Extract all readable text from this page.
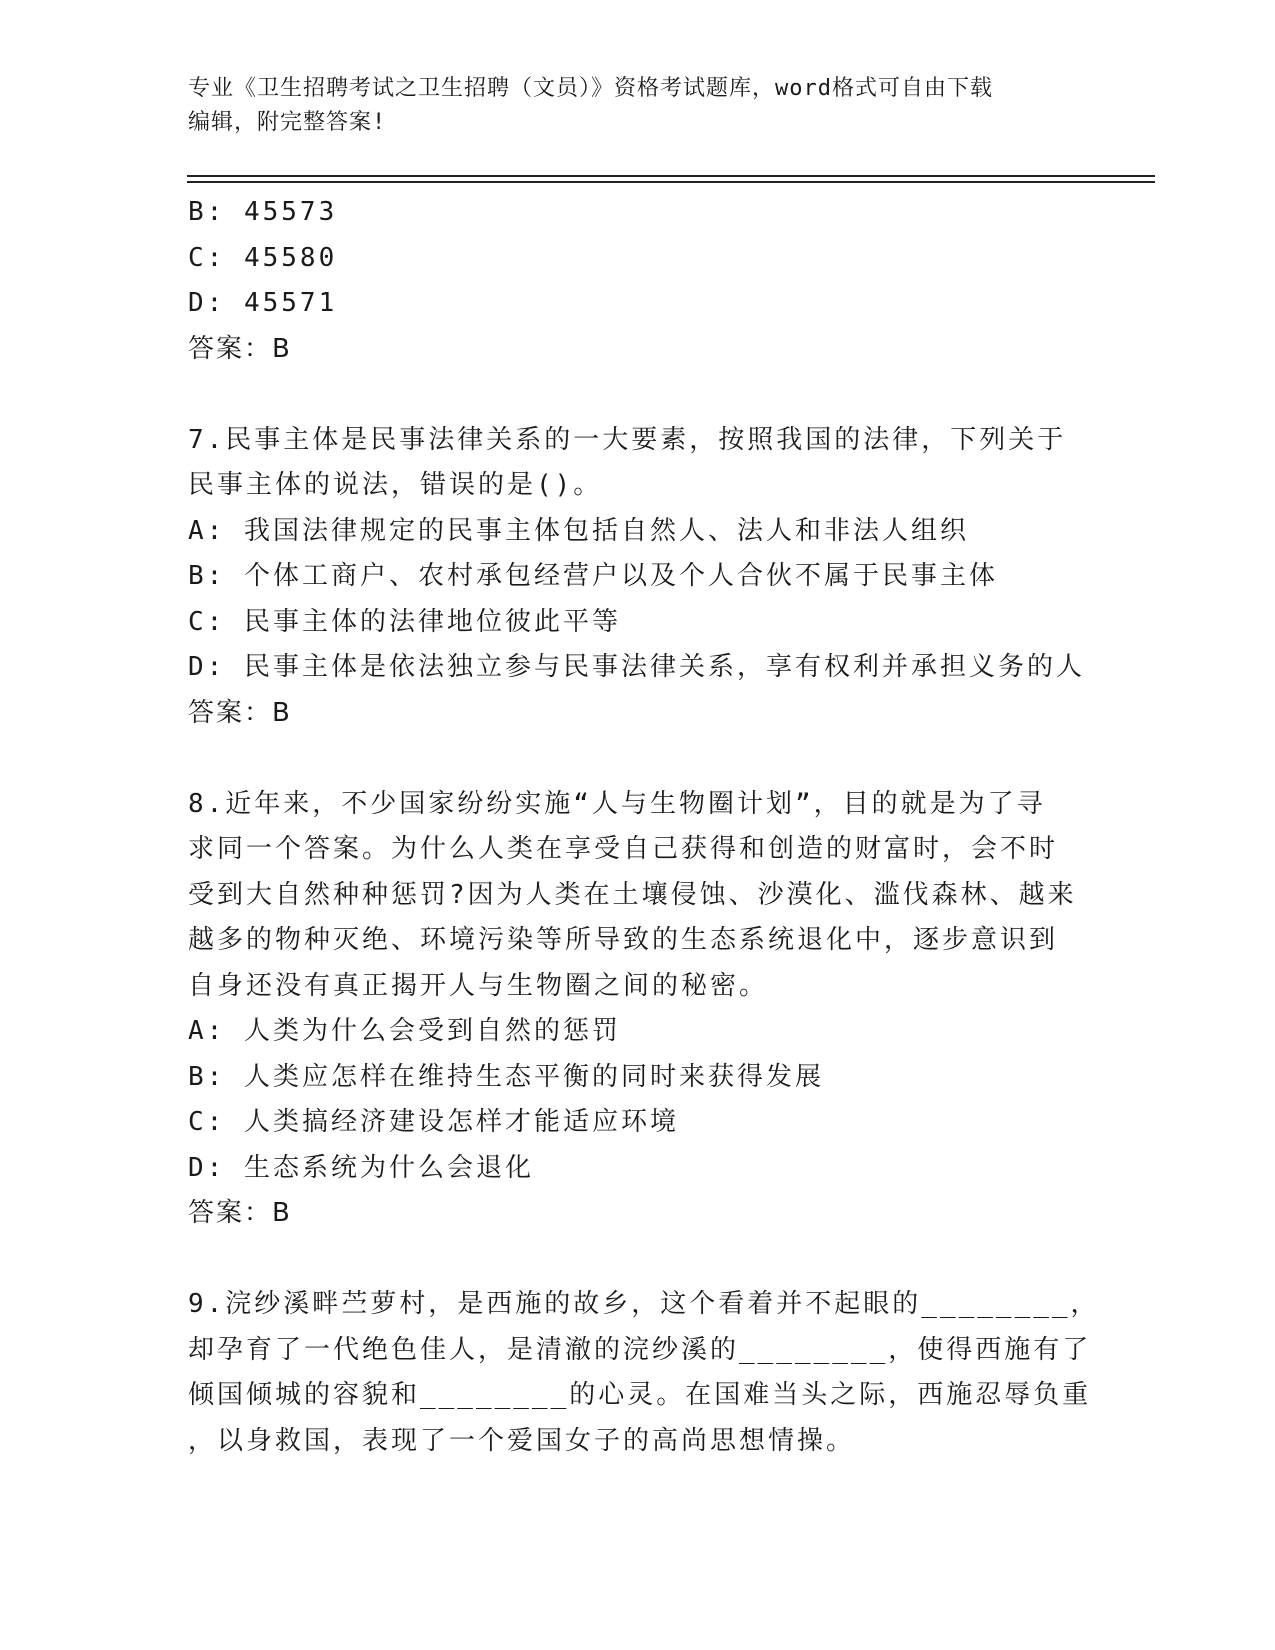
专业《卫生招聘考试之卫生招聘（文员）》资格考试题库，word格式可自由下载
编辑，附完整答案!
B: 45573
C: 45580
D: 45571
答案：B
7.民事主体是民事法律关系的一大要素，按照我国的法律，下列关于
民事主体的说法，错误的是()。
A: 我国法律规定的民事主体包括自然人、法人和非法人组织
B: 个体工商户、农村承包经营户以及个人合伙不属于民事主体
C: 民事主体的法律地位彼此平等
D: 民事主体是依法独立参与民事法律关系，享有权利并承担义务的人
答案：B
8.近年来，不少国家纷纷实施“人与生物圈计划”，目的就是为了寻
求同一个答案。为什么人类在享受自己获得和创造的财富时，会不时
受到大自然种种惩罚?因为人类在土壤侵蚀、沙漠化、滥伐森林、越来
越多的物种灭绝、环境污染等所导致的生态系统退化中，逐步意识到
自身还没有真正揭开人与生物圈之间的秘密。
A: 人类为什么会受到自然的惩罚
B: 人类应怎样在维持生态平衡的同时来获得发展
C: 人类搞经济建设怎样才能适应环境
D: 生态系统为什么会退化
答案：B
9.浣纱溪畔苎萝村，是西施的故乡，这个看着并不起眼的________，
却孕育了一代绝色佳人，是清澈的浣纱溪的________，使得西施有了
倾国倾城的容貌和________的心灵。在国难当头之际，西施忍辱负重
，以身救国，表现了一个爱国女子的高尚思想情操。
